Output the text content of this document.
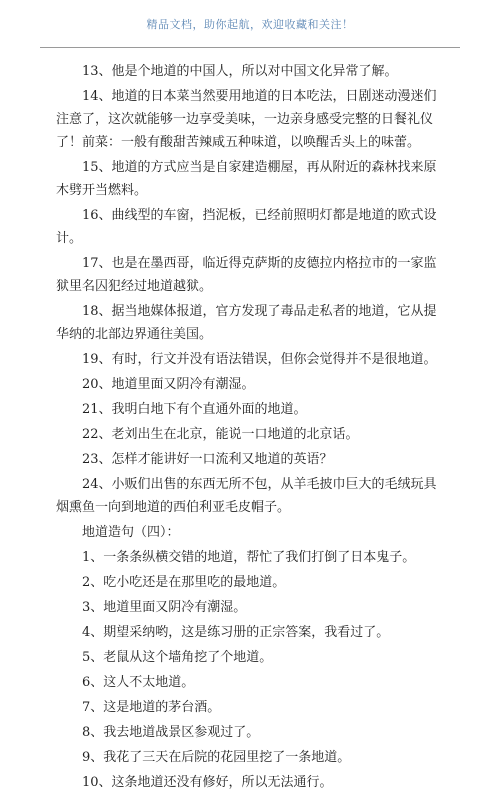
精品文档，助你起航，欢迎收藏和关注！

13、他是个地道的中国人，所以对中国文化异常了解。

14、地道的日本菜当然要用地道的日本吃法，日剧迷动漫迷们注意了，这次就能够一边享受美味，一边亲身感受完整的日餐礼仪了！前菜：一般有酸甜苦辣咸五种味道，以唤醒舌头上的味蕾。

15、地道的方式应当是自家建造棚屋，再从附近的森林找来原木劈开当燃料。

16、曲线型的车窗，挡泥板，已经前照明灯都是地道的欧式设计。

17、也是在墨西哥，临近得克萨斯的皮德拉内格拉市的一家监狱里名囚犯经过地道越狱。

18、据当地媒体报道，官方发现了毒品走私者的地道，它从提华纳的北部边界通往美国。

19、有时，行文并没有语法错误，但你会觉得并不是很地道。

20、地道里面又阴冷有潮湿。

21、我明白地下有个直通外面的地道。

22、老刘出生在北京，能说一口地道的北京话。

23、怎样才能讲好一口流利又地道的英语？

24、小贩们出售的东西无所不包，从羊毛披巾巨大的毛绒玩具烟熏鱼一向到地道的西伯利亚毛皮帽子。

地道造句（四）：

1、一条条纵横交错的地道，帮忙了我们打倒了日本鬼子。

2、吃小吃还是在那里吃的最地道。

3、地道里面又阴冷有潮湿。

4、期望采纳哟，这是练习册的正宗答案，我看过了。

5、老鼠从这个墙角挖了个地道。

6、这人不太地道。

7、这是地道的茅台酒。

8、我去地道战景区参观过了。

9、我花了三天在后院的花园里挖了一条地道。

10、这条地道还没有修好，所以无法通行。
